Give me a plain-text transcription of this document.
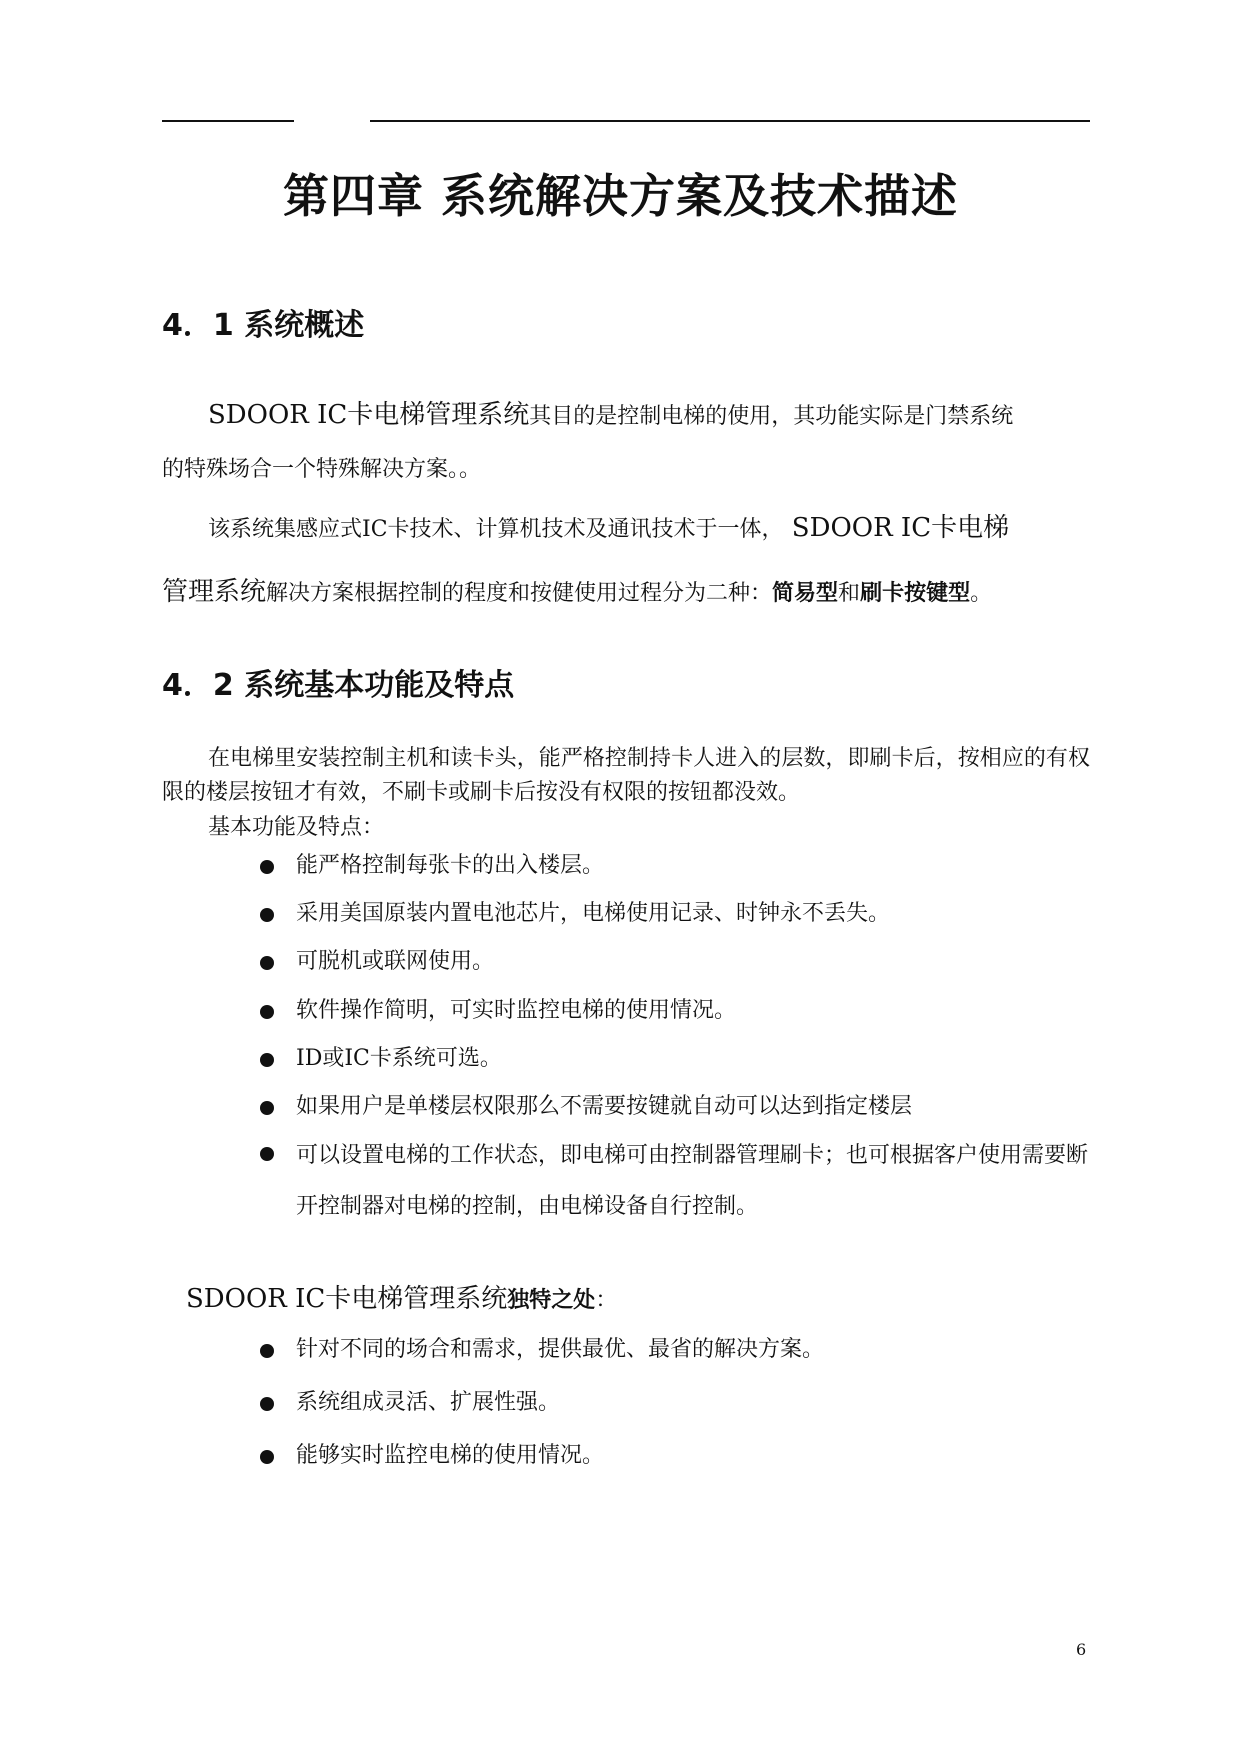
第四章 系统解决方案及技术描述
4．1 系统概述
SDOOR IC卡电梯管理系统其目的是控制电梯的使用，其功能实际是门禁系统
的特殊场合一个特殊解决方案。。
该系统集感应式IC卡技术、计算机技术及通讯技术于一体， SDOOR IC卡电梯
管理系统解决方案根据控制的程度和按健使用过程分为二种：简易型和刷卡按键型。
4．2 系统基本功能及特点
在电梯里安装控制主机和读卡头，能严格控制持卡人进入的层数，即刷卡后，按相应的有权限的楼层按钮才有效，不刷卡或刷卡后按没有权限的按钮都没效。
基本功能及特点：
能严格控制每张卡的出入楼层。
采用美国原装内置电池芯片，电梯使用记录、时钟永不丢失。
可脱机或联网使用。
软件操作简明，可实时监控电梯的使用情况。
ID或IC卡系统可选。
如果用户是单楼层权限那么不需要按键就自动可以达到指定楼层
可以设置电梯的工作状态，即电梯可由控制器管理刷卡；也可根据客户使用需要断开控制器对电梯的控制，由电梯设备自行控制。
SDOOR IC卡电梯管理系统独特之处：
针对不同的场合和需求，提供最优、最省的解决方案。
系统组成灵活、扩展性强。
能够实时监控电梯的使用情况。
6
